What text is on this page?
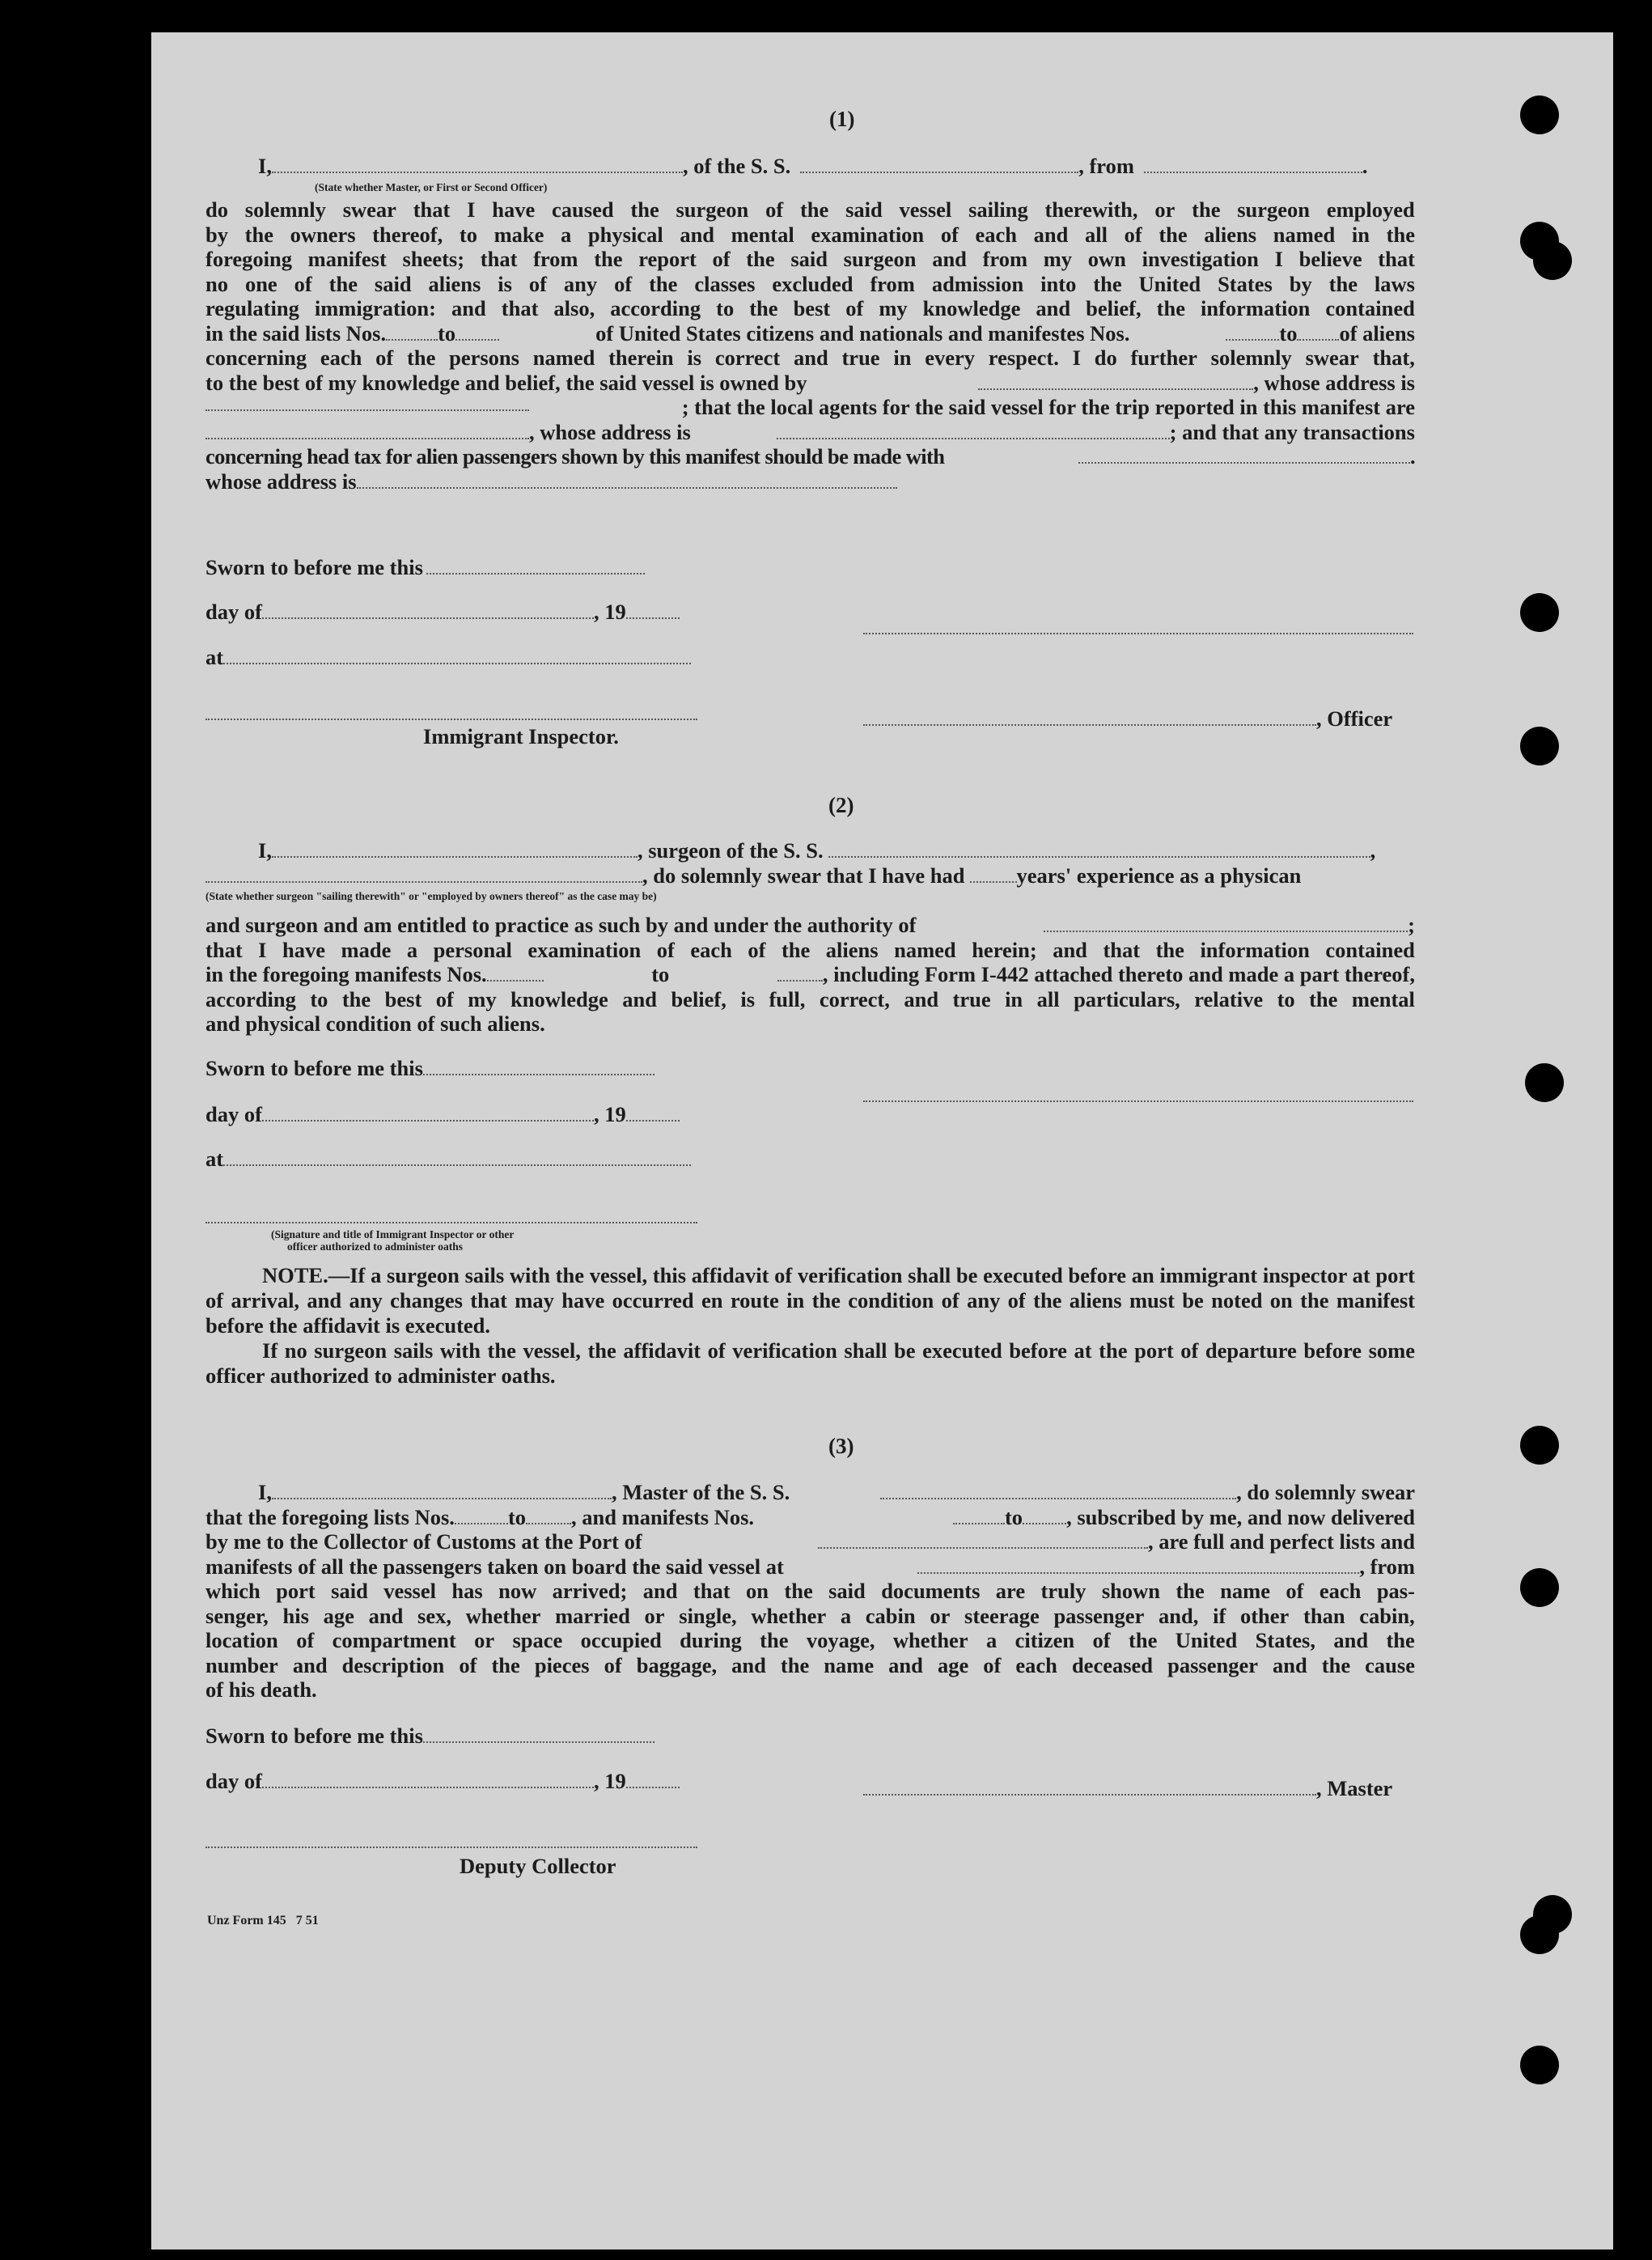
(1)
I,	, of the S. S.	, from	.
(State whether Master, or First or Second Officer)
do solemnly swear that I have caused the surgeon of the said vessel sailing therewith, or the surgeon employed
by the owners thereof, to make a physical and mental examination of each and all of the aliens named in the
foregoing manifest sheets; that from the report of the said surgeon and from my own investigation I believe that
no one of the said aliens is of any of the classes excluded from admission into the United States by the laws
regulating immigration: and that also, according to the best of my knowledge and belief, the information contained
in the said lists Nos. to	of United States citizens and nationals and manifestes Nos.	to of aliens
concerning each of the persons named therein is correct and true in every respect. I do further solemnly swear that,
to the best of my knowledge and belief, the said vessel is owned by	, whose address is
; that the local agents for the said vessel for the trip reported in this manifest are
, whose address is	; and that any transactions
concerning head tax for alien passengers shown by this manifest should be made with	.
whose address is
Sworn to before me this
day of	, 19
at
, Officer
Immigrant Inspector.
(2)
I,	, surgeon of the S. S.	,
, do solemnly swear that I have had years' experience as a physican
(State whether surgeon "sailing therewith" or "employed by owners thereof" as the case may be)
and surgeon and am entitled to practice as such by and under the authority of	;
that I have made a personal examination of each of the aliens named herein; and that the information contained
in the foregoing manifests Nos.	to	, including Form I-442 attached thereto and made a part thereof,
according to the best of my knowledge and belief, is full, correct, and true in all particulars, relative to the mental
and physical condition of such aliens.
Sworn to before me this
day of	, 19
at
(Signature and title of Immigrant Inspector or other
officer authorized to administer oaths

NOTE.—If a surgeon sails with the vessel, this affidavit of verification shall be executed before an immigrant inspector at port of arrival, and any changes that may have occurred en route in the condition of any of the aliens must be noted on the manifest before the affidavit is executed.

If no surgeon sails with the vessel, the affidavit of verification shall be executed before at the port of departure before some officer authorized to administer oaths.

(3)
I,	, Master of the S. S.	, do solemnly swear
that the foregoing lists Nos. to , and manifests Nos.	to , subscribed by me, and now delivered
by me to the Collector of Customs at the Port of	, are full and perfect lists and
manifests of all the passengers taken on board the said vessel at	, from
which port said vessel has now arrived; and that on the said documents are truly shown the name of each pas-
senger, his age and sex, whether married or single, whether a cabin or steerage passenger and, if other than cabin,
location of compartment or space occupied during the voyage, whether a citizen of the United States, and the
number and description of the pieces of baggage, and the name and age of each deceased passenger and the cause
of his death.
Sworn to before me this
day of	, 19	, Master
Deputy Collector
Unz Form 145   7 51
